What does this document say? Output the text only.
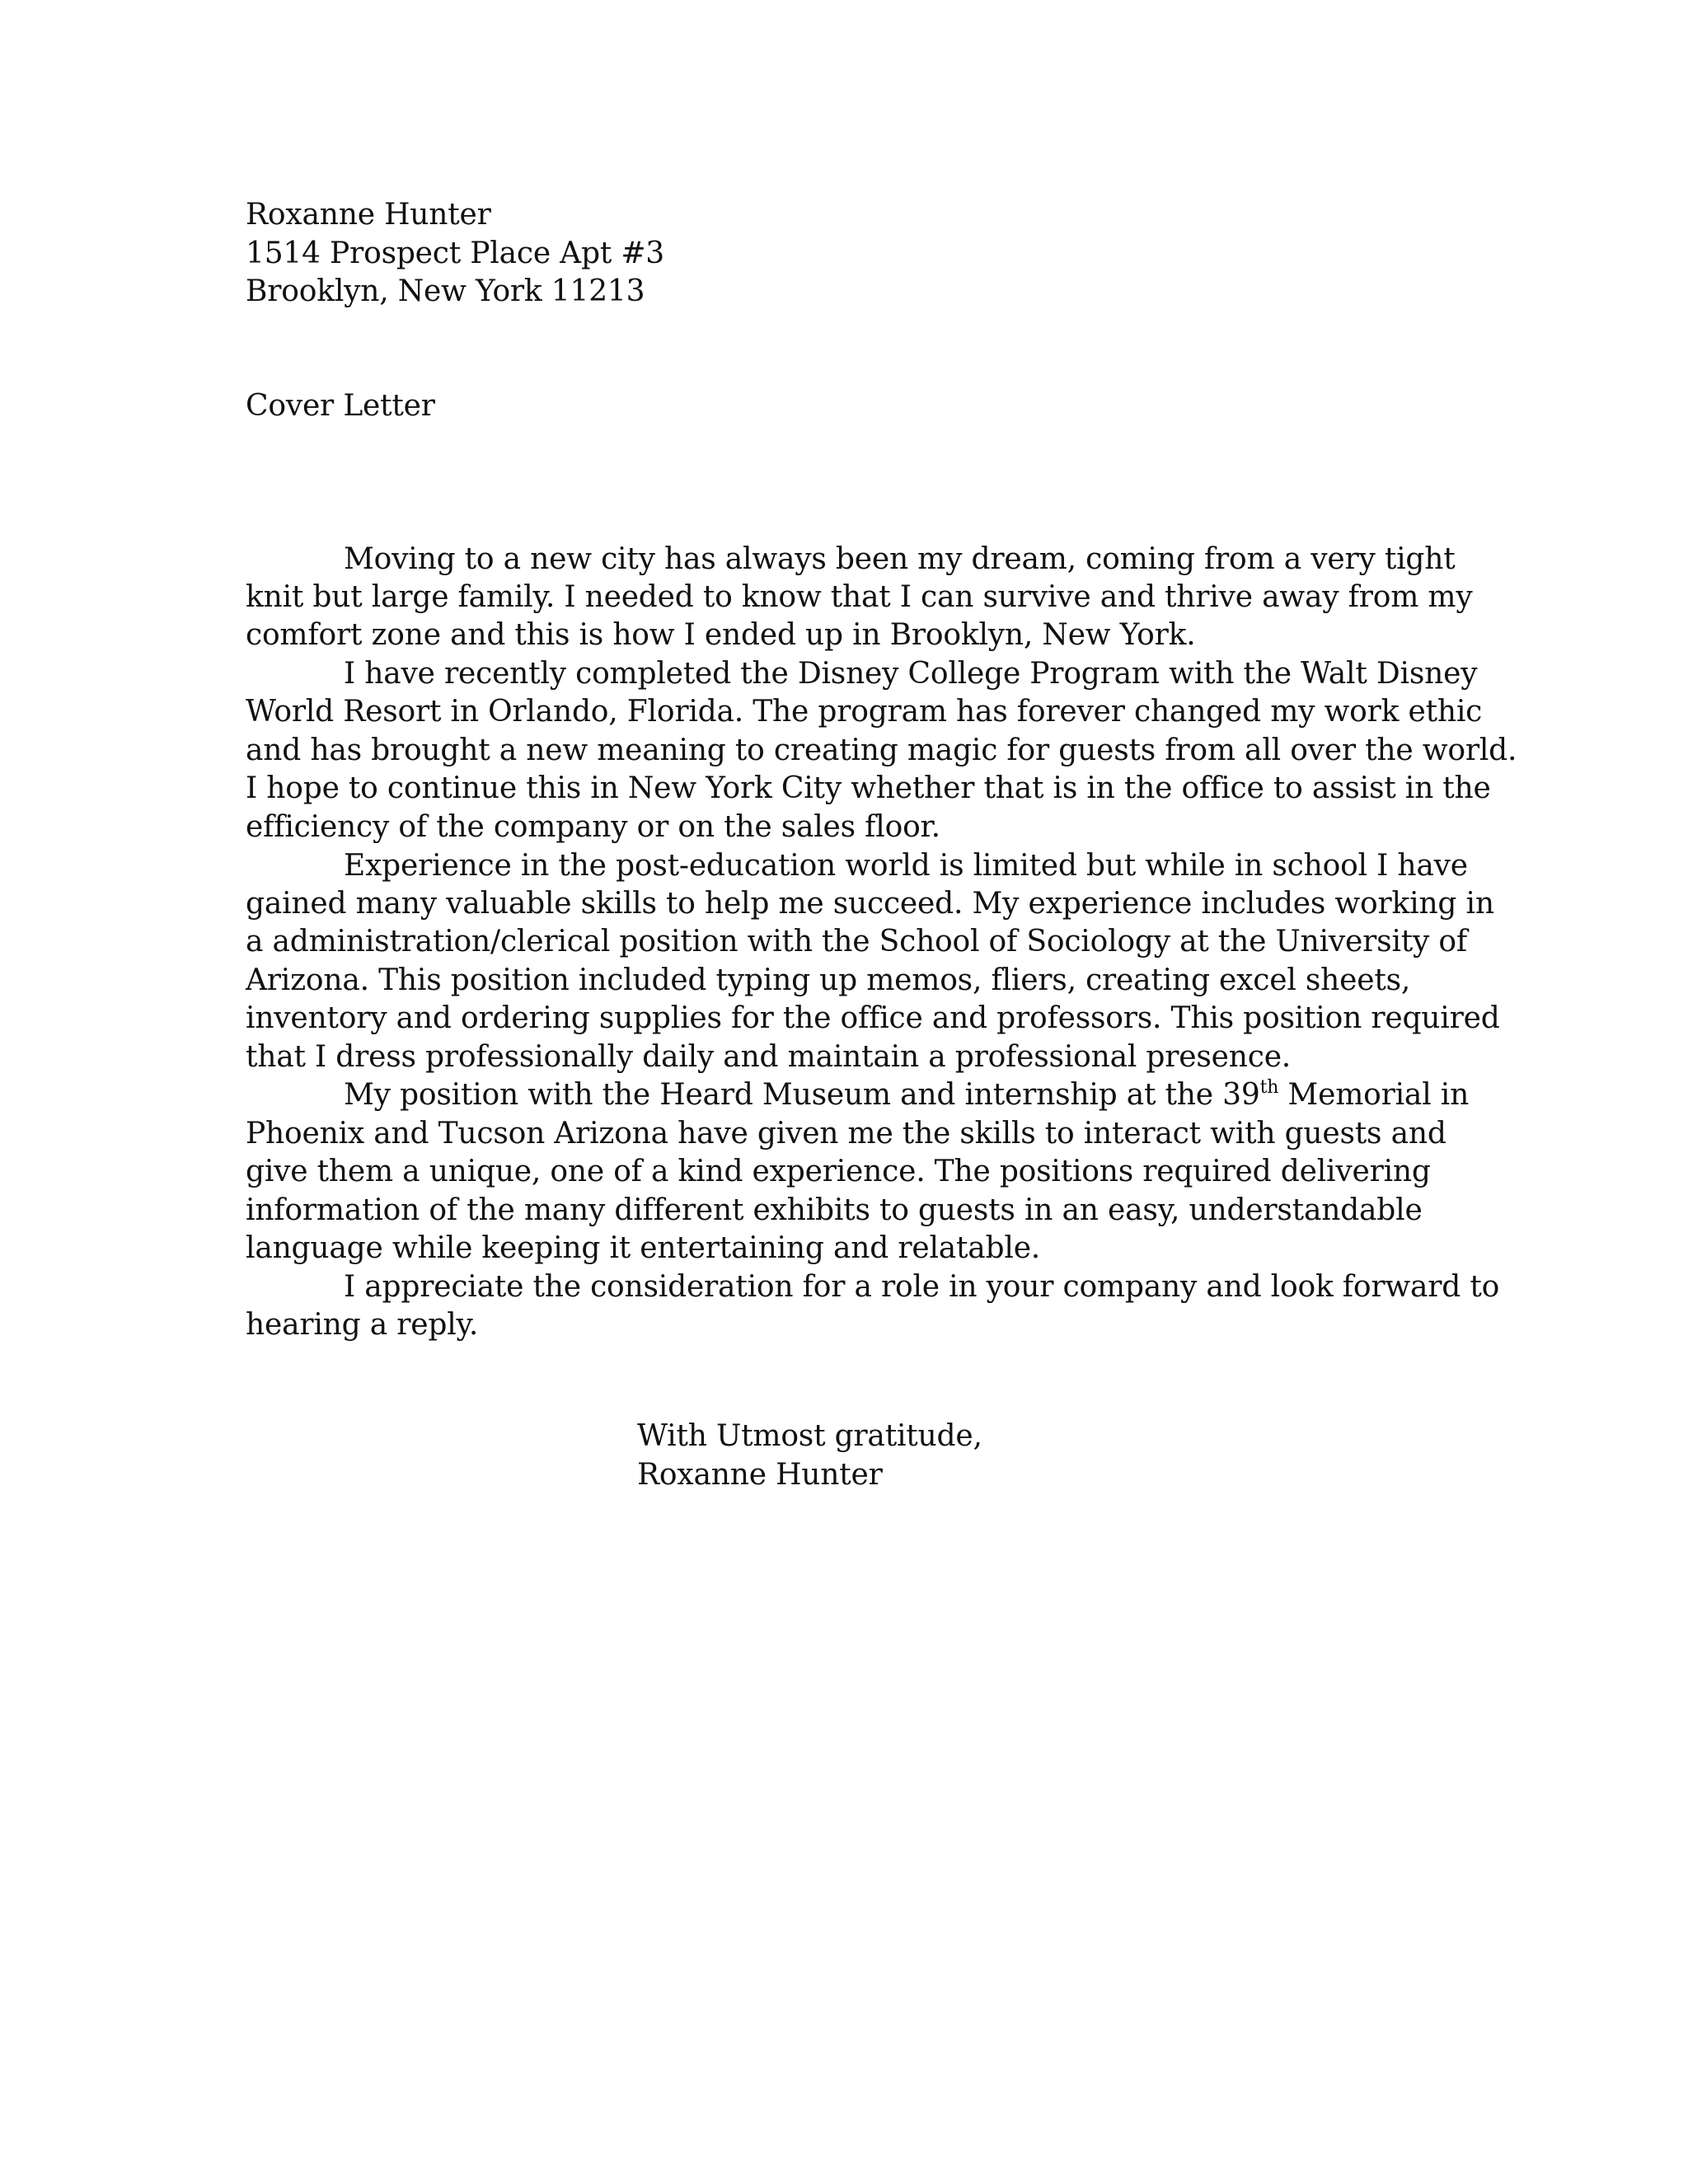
Roxanne Hunter
1514 Prospect Place Apt #3
Brooklyn, New York 11213
Cover Letter
Moving to a new city has always been my dream, coming from a very tight
knit but large family. I needed to know that I can survive and thrive away from my
comfort zone and this is how I ended up in Brooklyn, New York.
I have recently completed the Disney College Program with the Walt Disney
World Resort in Orlando, Florida. The program has forever changed my work ethic
and has brought a new meaning to creating magic for guests from all over the world.
I hope to continue this in New York City whether that is in the office to assist in the
efficiency of the company or on the sales floor.
Experience in the post-education world is limited but while in school I have
gained many valuable skills to help me succeed. My experience includes working in
a administration/clerical position with the School of Sociology at the University of
Arizona. This position included typing up memos, fliers, creating excel sheets,
inventory and ordering supplies for the office and professors. This position required
that I dress professionally daily and maintain a professional presence.
My position with the Heard Museum and internship at the 39th Memorial in
Phoenix and Tucson Arizona have given me the skills to interact with guests and
give them a unique, one of a kind experience. The positions required delivering
information of the many different exhibits to guests in an easy, understandable
language while keeping it entertaining and relatable.
I appreciate the consideration for a role in your company and look forward to
hearing a reply.
With Utmost gratitude,
Roxanne Hunter
